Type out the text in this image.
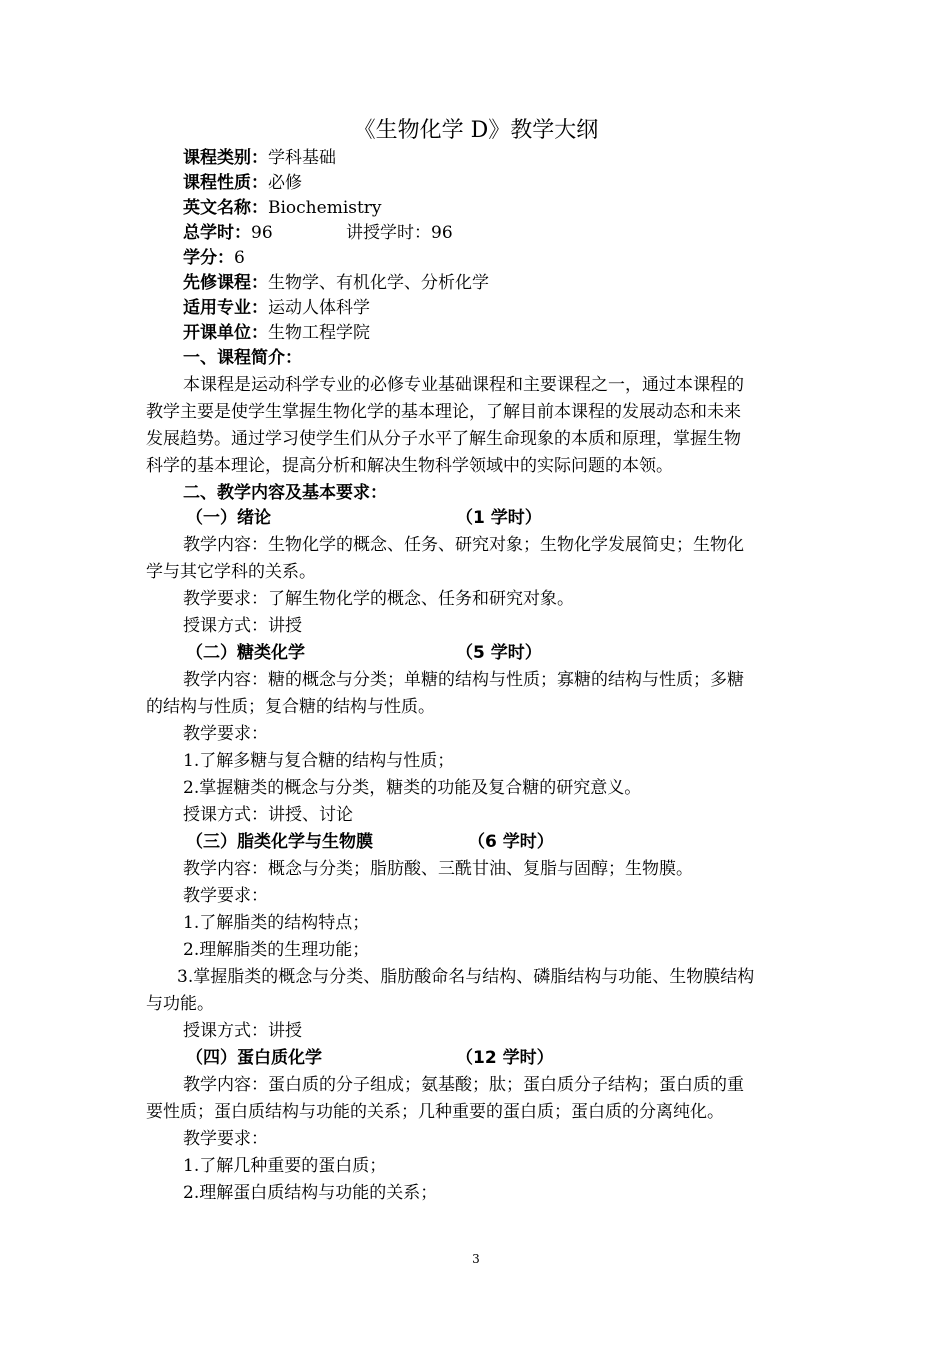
《生物化学 D》教学大纲
课程类别：学科基础
课程性质：必修
英文名称：Biochemistry
总学时：96	讲授学时：96
学分：6
先修课程：生物学、有机化学、分析化学
适用专业：运动人体科学
开课单位：生物工程学院
一、课程简介：
本课程是运动科学专业的必修专业基础课程和主要课程之一，通过本课程的
教学主要是使学生掌握生物化学的基本理论，了解目前本课程的发展动态和未来
发展趋势。通过学习使学生们从分子水平了解生命现象的本质和原理，掌握生物
科学的基本理论，提高分析和解决生物科学领域中的实际问题的本领。
二、教学内容及基本要求：
（一）绪论	（1 学时）
教学内容：生物化学的概念、任务、研究对象；生物化学发展简史；生物化
学与其它学科的关系。
教学要求：了解生物化学的概念、任务和研究对象。
授课方式：讲授
（二）糖类化学	（5 学时）
教学内容：糖的概念与分类；单糖的结构与性质；寡糖的结构与性质；多糖
的结构与性质；复合糖的结构与性质。
教学要求：
1.了解多糖与复合糖的结构与性质；
2.掌握糖类的概念与分类，糖类的功能及复合糖的研究意义。
授课方式：讲授、讨论
（三）脂类化学与生物膜	（6 学时）
教学内容：概念与分类；脂肪酸、三酰甘油、复脂与固醇；生物膜。
教学要求：
1.了解脂类的结构特点；
2.理解脂类的生理功能；
3.掌握脂类的概念与分类、脂肪酸命名与结构、磷脂结构与功能、生物膜结构
与功能。
授课方式：讲授
（四）蛋白质化学	（12 学时）
教学内容：蛋白质的分子组成；氨基酸；肽；蛋白质分子结构；蛋白质的重
要性质；蛋白质结构与功能的关系；几种重要的蛋白质；蛋白质的分离纯化。
教学要求：
1.了解几种重要的蛋白质；
2.理解蛋白质结构与功能的关系；
3
